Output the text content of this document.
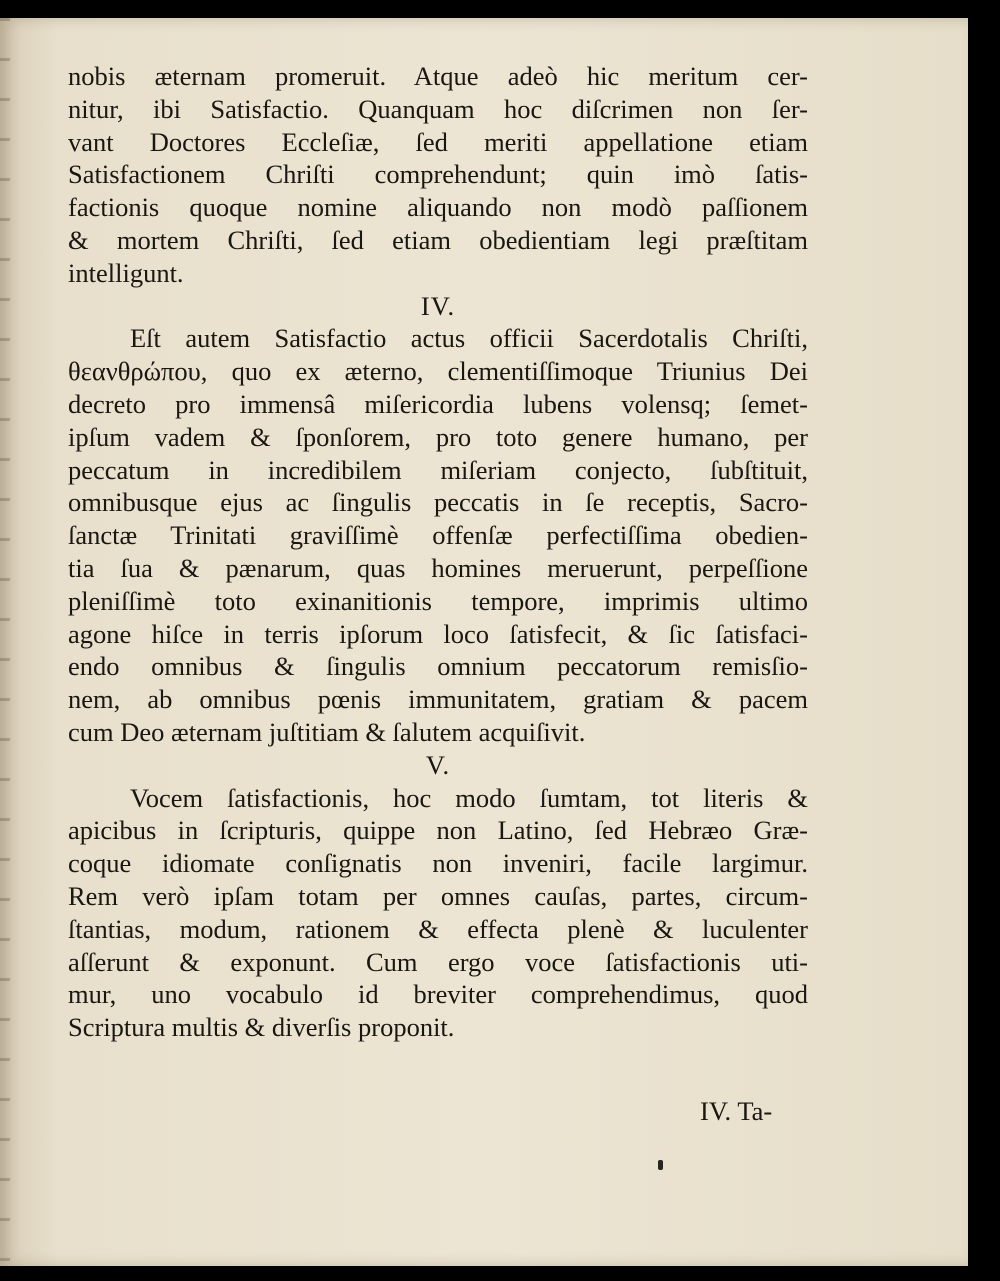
nobis æternam promeruit. Atque adeò hic meritum cer-
nitur, ibi Satisfactio. Quanquam hoc diſcrimen non ſer-
vant Doctores Eccleſiæ, ſed meriti appellatione etiam
Satisfactionem Chriſti comprehendunt; quin imò ſatis-
factionis quoque nomine aliquando non modò paſſionem
& mortem Chriſti, ſed etiam obedientiam legi præſtitam
intelligunt.
IV.
Eſt autem Satisfactio actus officii Sacerdotalis Chriſti,
θεανθρώπου, quo ex æterno, clementiſſimoque Triunius Dei
decreto pro immensâ miſericordia lubens volensq; ſemet-
ipſum vadem & ſponſorem, pro toto genere humano, per
peccatum in incredibilem miſeriam conjecto, ſubſtituit,
omnibusque ejus ac ſingulis peccatis in ſe receptis, Sacro-
ſanctæ Trinitati graviſſimè offenſæ perfectiſſima obedien-
tia ſua & pænarum, quas homines meruerunt, perpeſſione
pleniſſimè toto exinanitionis tempore, imprimis ultimo
agone hiſce in terris ipſorum loco ſatisfecit, & ſic ſatisfaci-
endo omnibus & ſingulis omnium peccatorum remisſio-
nem, ab omnibus pœnis immunitatem, gratiam & pacem
cum Deo æternam juſtitiam & ſalutem acquiſivit.
V.
Vocem ſatisfactionis, hoc modo ſumtam, tot literis &
apicibus in ſcripturis, quippe non Latino, ſed Hebræo Græ-
coque idiomate conſignatis non inveniri, facile largimur.
Rem verò ipſam totam per omnes cauſas, partes, circum-
ſtantias, modum, rationem & effecta plenè & luculenter
aſſerunt & exponunt. Cum ergo voce ſatisfactionis uti-
mur, uno vocabulo id breviter comprehendimus, quod
Scriptura multis & diverſis proponit.
IV. Ta-
